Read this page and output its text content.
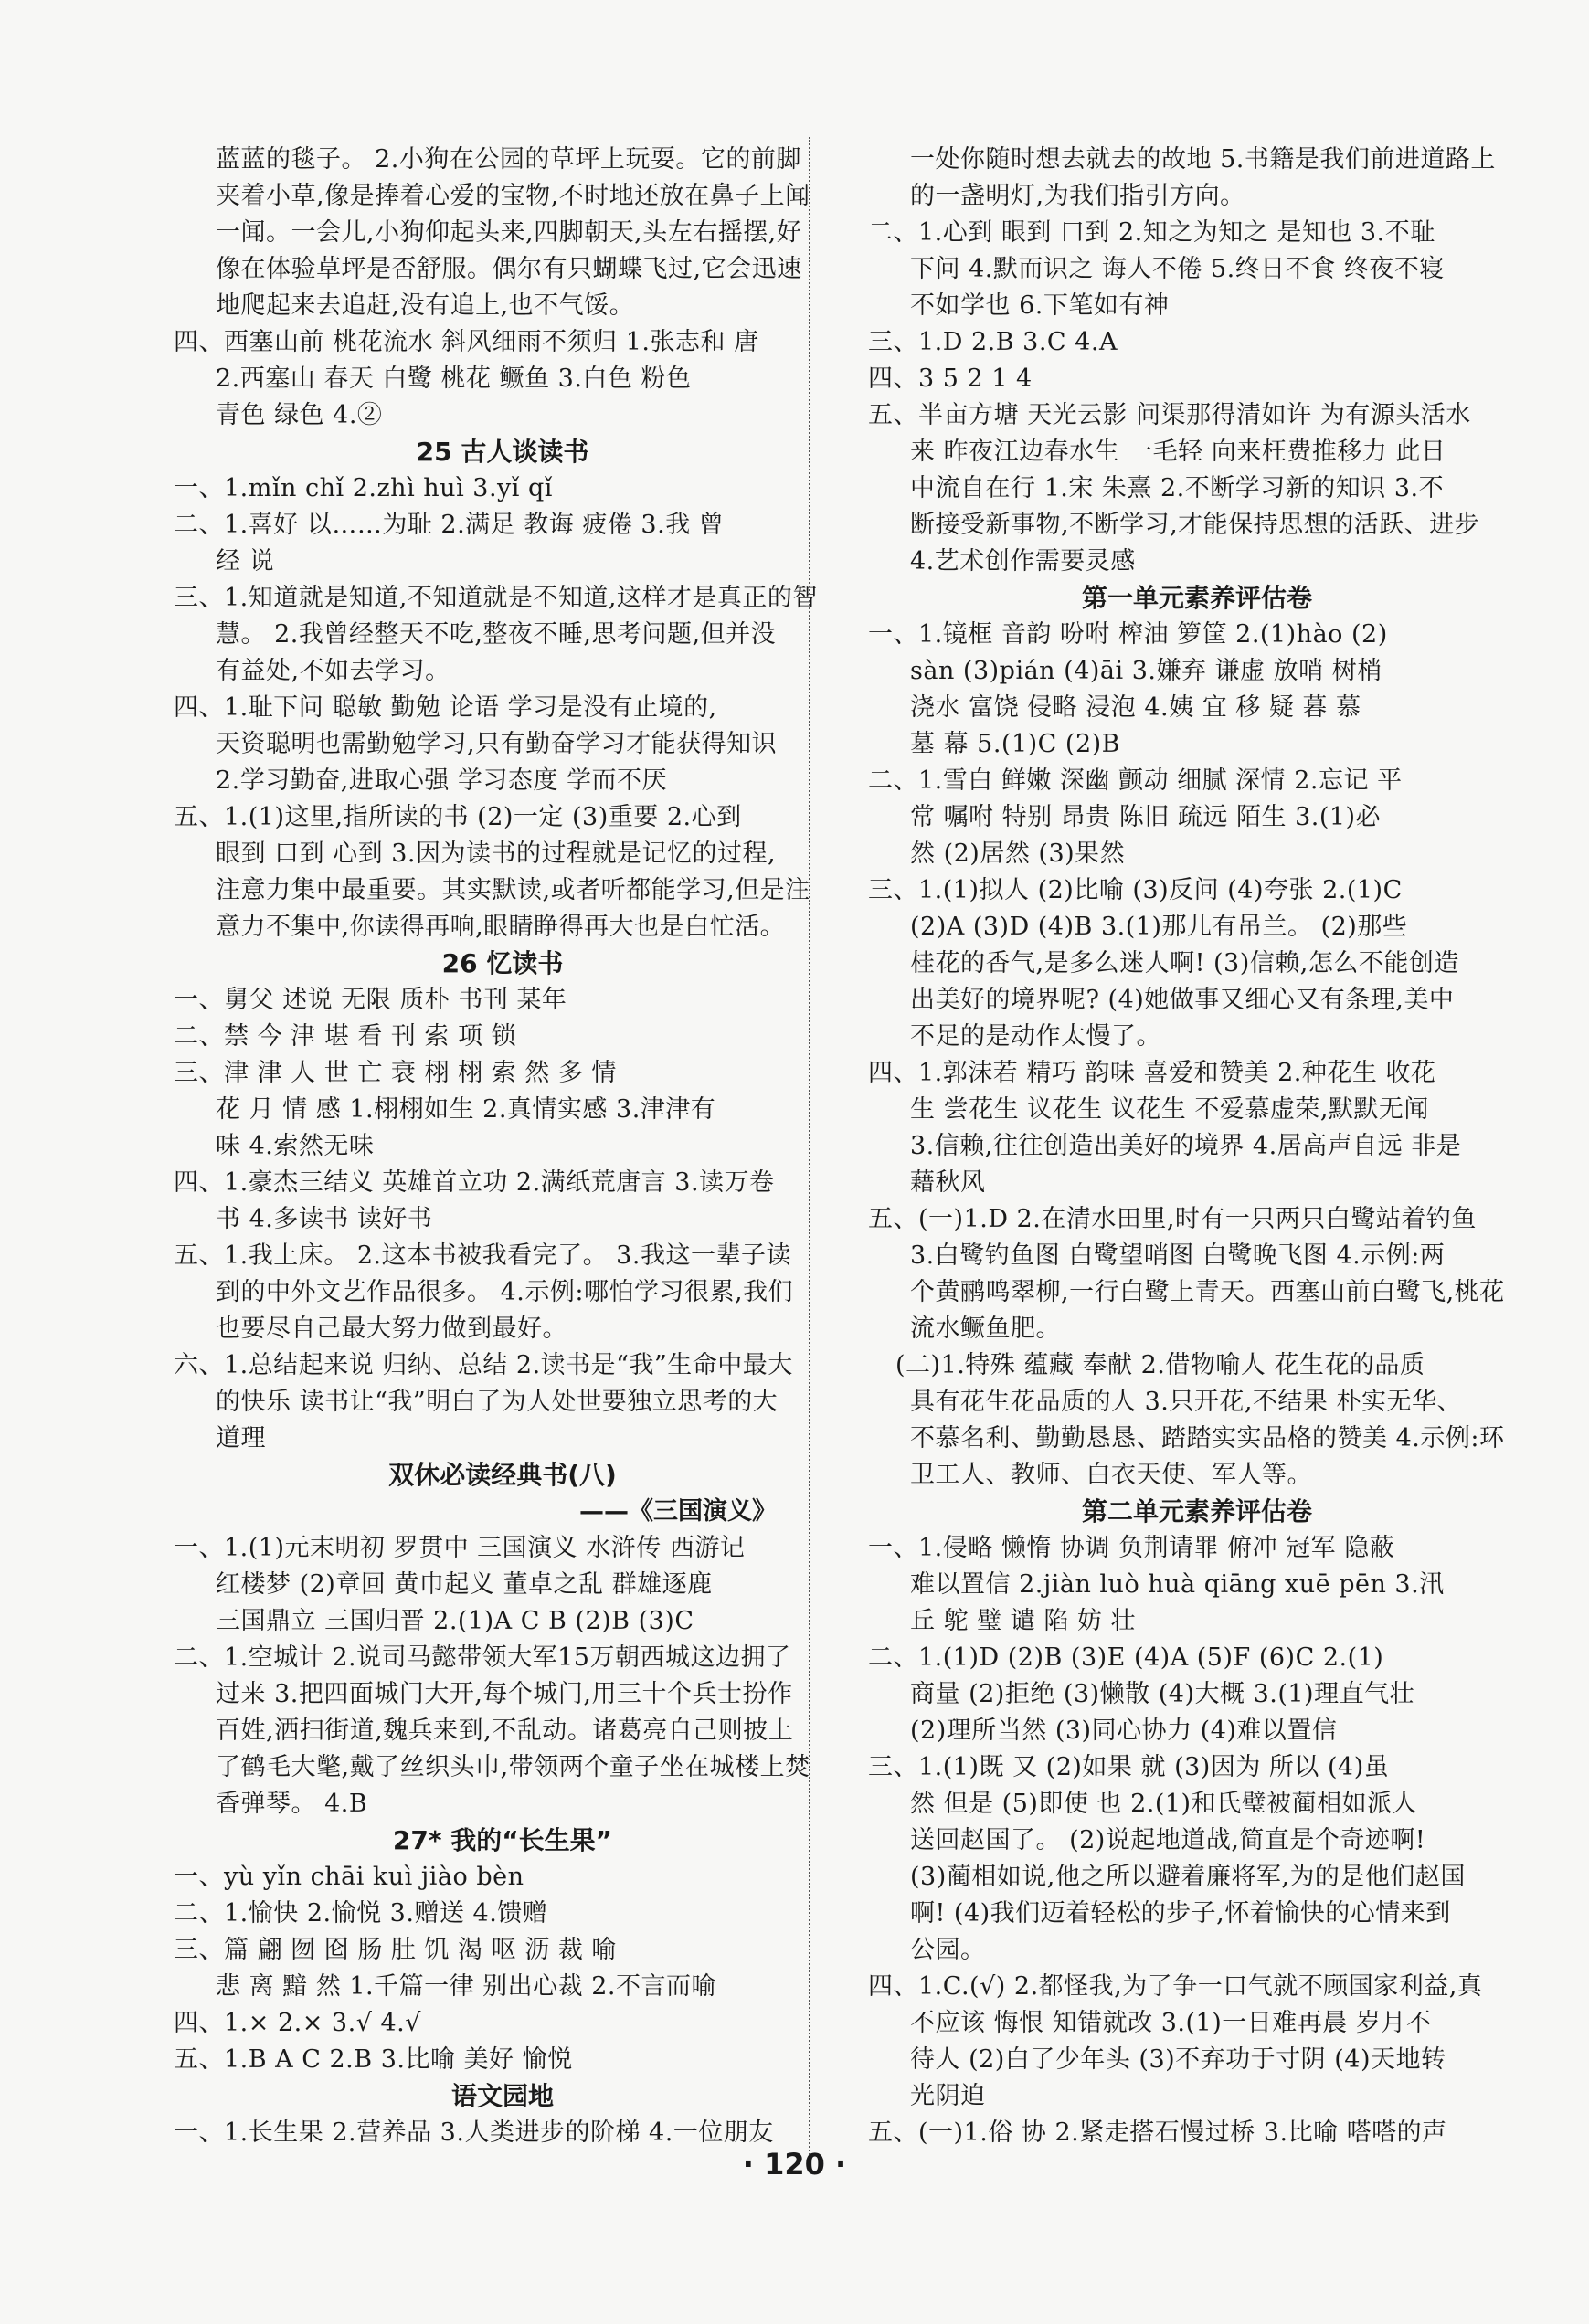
蓝蓝的毯子。 2.小狗在公园的草坪上玩耍。它的前脚
夹着小草,像是捧着心爱的宝物,不时地还放在鼻子上闻
一闻。一会儿,小狗仰起头来,四脚朝天,头左右摇摆,好
像在体验草坪是否舒服。偶尔有只蝴蝶飞过,它会迅速
地爬起来去追赶,没有追上,也不气馁。
四、西塞山前 桃花流水 斜风细雨不须归 1.张志和 唐
2.西塞山 春天 白鹭 桃花 鳜鱼 3.白色 粉色
青色 绿色 4.②
25 古人谈读书
一、1.mǐn chǐ 2.zhì huì 3.yǐ qǐ
二、1.喜好 以……为耻 2.满足 教诲 疲倦 3.我 曾
经 说
三、1.知道就是知道,不知道就是不知道,这样才是真正的智
慧。 2.我曾经整天不吃,整夜不睡,思考问题,但并没
有益处,不如去学习。
四、1.耻下问 聪敏 勤勉 论语 学习是没有止境的,
天资聪明也需勤勉学习,只有勤奋学习才能获得知识
2.学习勤奋,进取心强 学习态度 学而不厌
五、1.(1)这里,指所读的书 (2)一定 (3)重要 2.心到
眼到 口到 心到 3.因为读书的过程就是记忆的过程,
注意力集中最重要。其实默读,或者听都能学习,但是注
意力不集中,你读得再响,眼睛睁得再大也是白忙活。
26 忆读书
一、舅父 述说 无限 质朴 书刊 某年
二、禁 今 津 堪 看 刊 索 项 锁
三、津 津 人 世 亡 衰 栩 栩 索 然 多 情
花 月 情 感 1.栩栩如生 2.真情实感 3.津津有
味 4.索然无味
四、1.豪杰三结义 英雄首立功 2.满纸荒唐言 3.读万卷
书 4.多读书 读好书
五、1.我上床。 2.这本书被我看完了。 3.我这一辈子读
到的中外文艺作品很多。 4.示例:哪怕学习很累,我们
也要尽自己最大努力做到最好。
六、1.总结起来说 归纳、总结 2.读书是“我”生命中最大
的快乐 读书让“我”明白了为人处世要独立思考的大
道理
双休必读经典书(八)
——《三国演义》
一、1.(1)元末明初 罗贯中 三国演义 水浒传 西游记
红楼梦 (2)章回 黄巾起义 董卓之乱 群雄逐鹿
三国鼎立 三国归晋 2.(1)A C B (2)B (3)C
二、1.空城计 2.说司马懿带领大军15万朝西城这边拥了
过来 3.把四面城门大开,每个城门,用三十个兵士扮作
百姓,洒扫街道,魏兵来到,不乱动。诸葛亮自己则披上
了鹤毛大氅,戴了丝织头巾,带领两个童子坐在城楼上焚
香弹琴。 4.B
27* 我的“长生果”
一、yù yǐn chāi kuì jiào bèn
二、1.愉快 2.愉悦 3.赠送 4.馈赠
三、篇 翩 囫 囵 肠 肚 饥 渴 呕 沥 裁 喻
悲 离 黯 然 1.千篇一律 别出心裁 2.不言而喻
四、1.× 2.× 3.√ 4.√
五、1.B A C 2.B 3.比喻 美好 愉悦
语文园地
一、1.长生果 2.营养品 3.人类进步的阶梯 4.一位朋友
一处你随时想去就去的故地 5.书籍是我们前进道路上
的一盏明灯,为我们指引方向。
二、1.心到 眼到 口到 2.知之为知之 是知也 3.不耻
下问 4.默而识之 诲人不倦 5.终日不食 终夜不寝
不如学也 6.下笔如有神
三、1.D 2.B 3.C 4.A
四、3 5 2 1 4
五、半亩方塘 天光云影 问渠那得清如许 为有源头活水
来 昨夜江边春水生 一毛轻 向来枉费推移力 此日
中流自在行 1.宋 朱熹 2.不断学习新的知识 3.不
断接受新事物,不断学习,才能保持思想的活跃、进步
4.艺术创作需要灵感
第一单元素养评估卷
一、1.镜框 音韵 吩咐 榨油 箩筐 2.(1)hào (2)
sàn (3)pián (4)āi 3.嫌弃 谦虚 放哨 树梢
浇水 富饶 侵略 浸泡 4.姨 宜 移 疑 暮 慕
墓 幕 5.(1)C (2)B
二、1.雪白 鲜嫩 深幽 颤动 细腻 深情 2.忘记 平
常 嘱咐 特别 昂贵 陈旧 疏远 陌生 3.(1)必
然 (2)居然 (3)果然
三、1.(1)拟人 (2)比喻 (3)反问 (4)夸张 2.(1)C
(2)A (3)D (4)B 3.(1)那儿有吊兰。 (2)那些
桂花的香气,是多么迷人啊! (3)信赖,怎么不能创造
出美好的境界呢? (4)她做事又细心又有条理,美中
不足的是动作太慢了。
四、1.郭沫若 精巧 韵味 喜爱和赞美 2.种花生 收花
生 尝花生 议花生 议花生 不爱慕虚荣,默默无闻
3.信赖,往往创造出美好的境界 4.居高声自远 非是
藉秋风
五、(一)1.D 2.在清水田里,时有一只两只白鹭站着钓鱼
3.白鹭钓鱼图 白鹭望哨图 白鹭晚飞图 4.示例:两
个黄鹂鸣翠柳,一行白鹭上青天。西塞山前白鹭飞,桃花
流水鳜鱼肥。
(二)1.特殊 蕴藏 奉献 2.借物喻人 花生花的品质
具有花生花品质的人 3.只开花,不结果 朴实无华、
不慕名利、勤勤恳恳、踏踏实实品格的赞美 4.示例:环
卫工人、教师、白衣天使、军人等。
第二单元素养评估卷
一、1.侵略 懒惰 协调 负荆请罪 俯冲 冠军 隐蔽
难以置信 2.jiàn luò huà qiāng xuē pēn 3.汛
丘 鸵 璧 谴 陷 妨 壮
二、1.(1)D (2)B (3)E (4)A (5)F (6)C 2.(1)
商量 (2)拒绝 (3)懒散 (4)大概 3.(1)理直气壮
(2)理所当然 (3)同心协力 (4)难以置信
三、1.(1)既 又 (2)如果 就 (3)因为 所以 (4)虽
然 但是 (5)即使 也 2.(1)和氏璧被蔺相如派人
送回赵国了。 (2)说起地道战,简直是个奇迹啊!
(3)蔺相如说,他之所以避着廉将军,为的是他们赵国
啊! (4)我们迈着轻松的步子,怀着愉快的心情来到
公园。
四、1.C.(√) 2.都怪我,为了争一口气就不顾国家利益,真
不应该 悔恨 知错就改 3.(1)一日难再晨 岁月不
待人 (2)白了少年头 (3)不弃功于寸阴 (4)天地转
光阴迫
五、(一)1.俗 协 2.紧走搭石慢过桥 3.比喻 嗒嗒的声
· 120 ·
